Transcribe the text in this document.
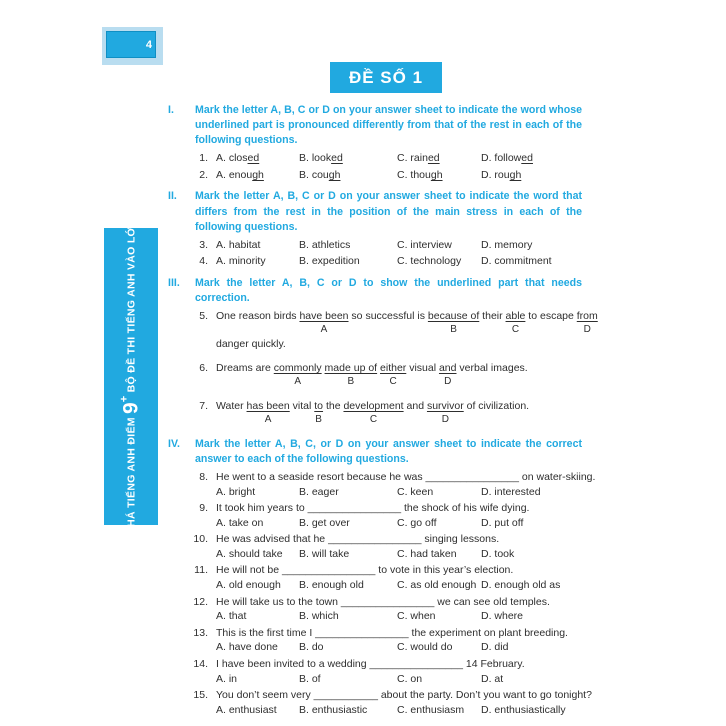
4
ĐỀ SỐ 1
ĐỘT PHÁ TIẾNG ANH ĐIỂM 9+ BỘ ĐỀ THI TIẾNG ANH VÀO LỚP 10
I.	Mark the letter A, B, C or D on your answer sheet to indicate the word whose underlined part is pronounced differently from that of the rest in each of the following questions.
1. A. closed	B. looked	C. rained	D. followed
2. A. enough	B. cough	C. though	D. rough
II.	Mark the letter A, B, C or D on your answer sheet to indicate the word that differs from the rest in the position of the main stress in each of the following questions.
3. A. habitat	B. athletics	C. interview	D. memory
4. A. minority	B. expedition	C. technology	D. commitment
III.	Mark the letter A, B, C or D to show the underlined part that needs correction.
5. One reason birds have been so successful is because of their able to escape from
A	B	C	D
danger quickly.
6. Dreams are commonly made up of either visual and verbal images.
A	B	C	D
7. Water has been vital to the development and survivor of civilization.
A	B	C	D
IV.	Mark the letter A, B, C, or D on your answer sheet to indicate the correct answer to each of the following questions.
8. He went to a seaside resort because he was ________________ on water-skiing.
A. bright	B. eager	C. keen	D. interested
9. It took him years to ________________ the shock of his wife dying.
A. take on	B. get over	C. go off	D. put off
10. He was advised that he ________________ singing lessons.
A. should take	B. will take	C. had taken	D. took
11. He will not be ________________ to vote in this year’s election.
A. old enough	B. enough old	C. as old enough D. enough old as
12. He will take us to the town ________________ we can see old temples.
A. that	B. which	C. when	D. where
13. This is the first time I ________________ the experiment on plant breeding.
A. have done	B. do	C. would do	D. did
14. I have been invited to a wedding ________________ 14 February.
A. in	B. of	C. on	D. at
15. You don’t seem very ___________ about the party. Don’t you want to go tonight?
A. enthusiast	B. enthusiastic	C. enthusiasm	D. enthusiastically
